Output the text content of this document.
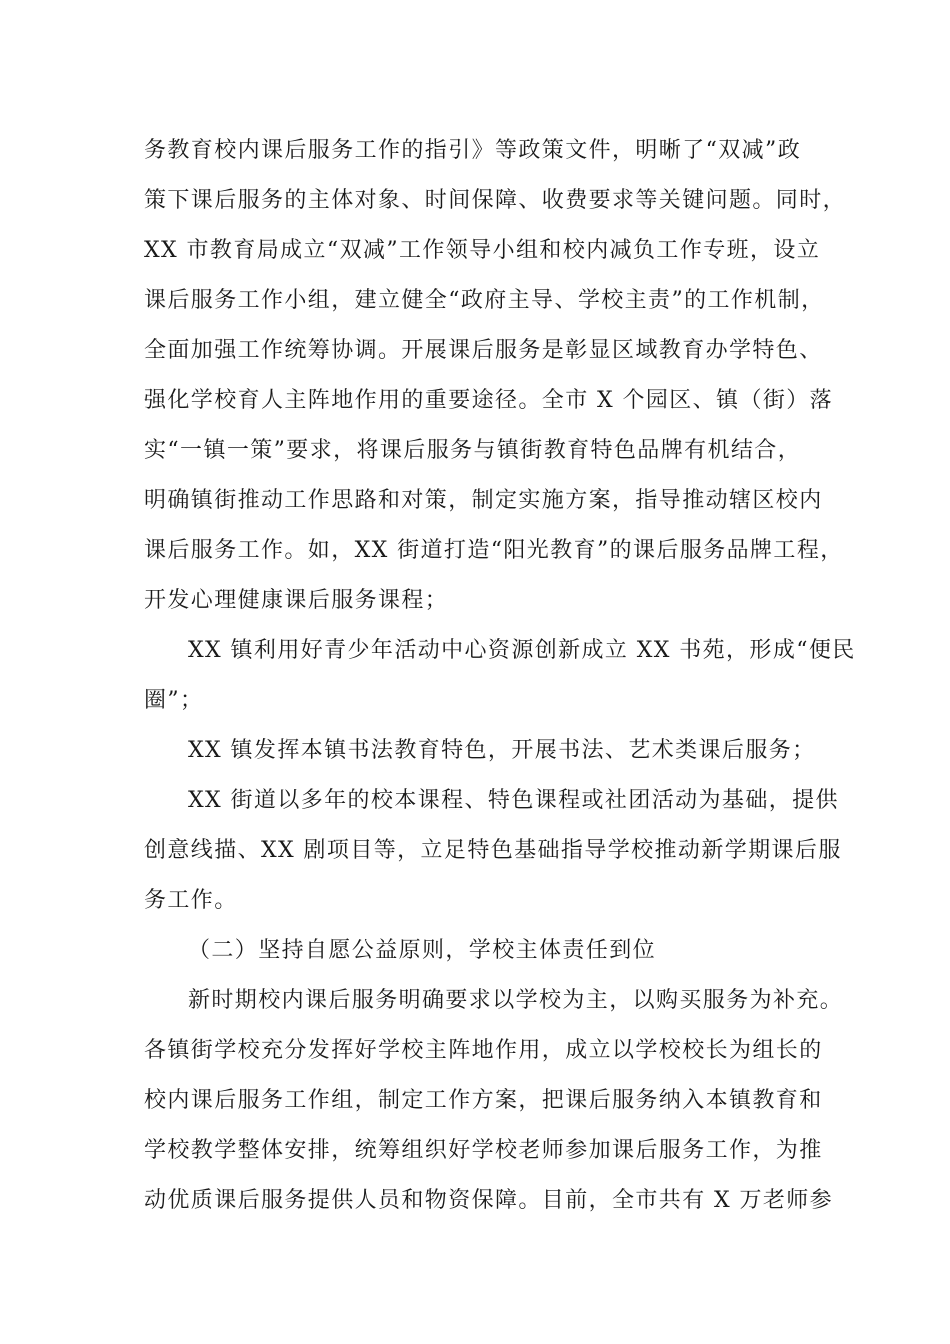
务教育校内课后服务工作的指引》等政策文件，明晰了“双减”政
策下课后服务的主体对象、时间保障、收费要求等关键问题。同时，
XX 市教育局成立“双减”工作领导小组和校内减负工作专班，设立
课后服务工作小组，建立健全“政府主导、学校主责”的工作机制，
全面加强工作统筹协调。开展课后服务是彰显区域教育办学特色、
强化学校育人主阵地作用的重要途径。全市 X 个园区、镇（街）落
实“一镇一策”要求，将课后服务与镇街教育特色品牌有机结合，
明确镇街推动工作思路和对策，制定实施方案，指导推动辖区校内
课后服务工作。如，XX 街道打造“阳光教育”的课后服务品牌工程，
开发心理健康课后服务课程；
XX 镇利用好青少年活动中心资源创新成立 XX 书苑，形成“便民
圈”；
XX 镇发挥本镇书法教育特色，开展书法、艺术类课后服务；
XX 街道以多年的校本课程、特色课程或社团活动为基础，提供
创意线描、XX 剧项目等，立足特色基础指导学校推动新学期课后服
务工作。
（二）坚持自愿公益原则，学校主体责任到位
新时期校内课后服务明确要求以学校为主，以购买服务为补充。
各镇街学校充分发挥好学校主阵地作用，成立以学校校长为组长的
校内课后服务工作组，制定工作方案，把课后服务纳入本镇教育和
学校教学整体安排，统筹组织好学校老师参加课后服务工作，为推
动优质课后服务提供人员和物资保障。目前，全市共有 X 万老师参
